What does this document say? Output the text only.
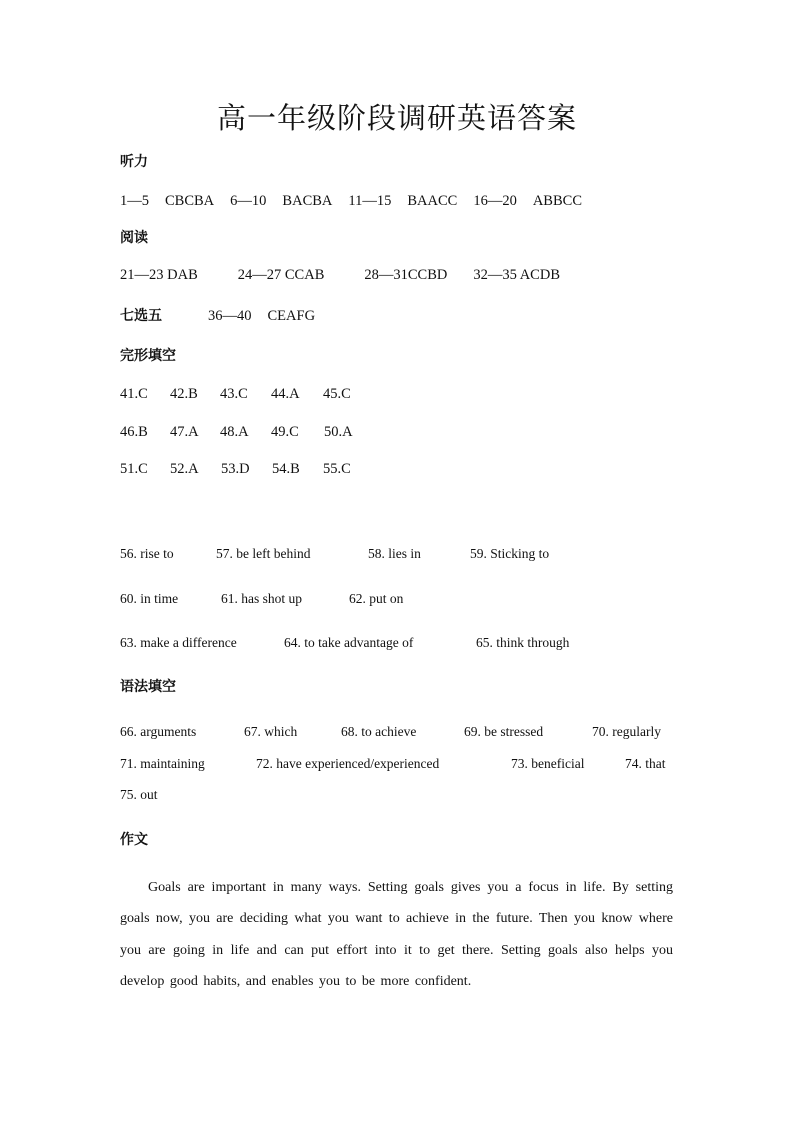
高一年级阶段调研英语答案
听力
1—5 CBCBA 6—10 BACBA 11—15 BAACC 16—20 ABBCC
阅读
21—23 DAB	24—27 CCAB	28—31CCBD 32—35 ACDB
七选五	36—40 CEAFG
完形填空
41.C 42.B 43.C 44.A 45.C
46.B 47.A 48.A 49.C 50.A
51.C 52.A 53.D 54.B 55.C
56. rise to	57. be left behind	58. lies in	59. Sticking to
60. in time	61. has shot up	62. put on
63. make a difference	64. to take advantage of	65. think through
语法填空
66. arguments	67. which	68. to achieve	69. be stressed	70. regularly
71. maintaining	72. have experienced/experienced	73. beneficial	74. that
75. out
作文
Goals are important in many ways. Setting goals gives you a focus in life. By setting goals now, you are deciding what you want to achieve in the future. Then you know where you are going in life and can put effort into it to get there. Setting goals also helps you develop good habits, and enables you to be more confident.
